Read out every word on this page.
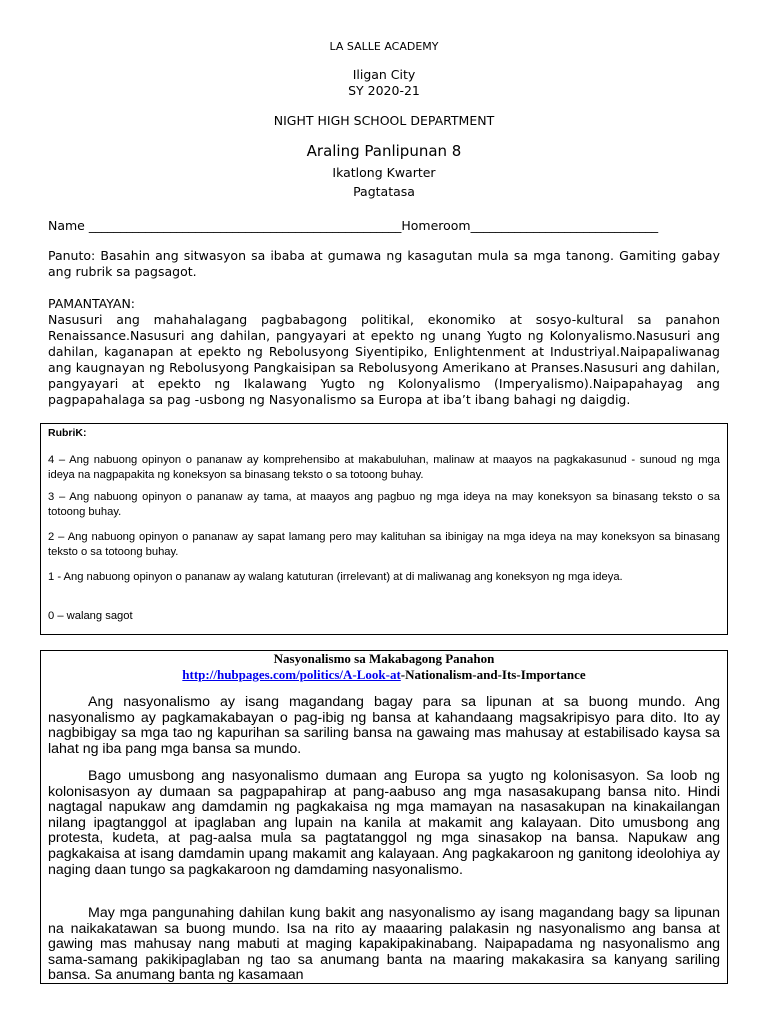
LA SALLE ACADEMY
Iligan City
SY 2020-21
NIGHT HIGH SCHOOL DEPARTMENT
Araling Panlipunan 8
Ikatlong Kwarter
Pagtatasa
Name __________________________________________________Homeroom______________________________
Panuto: Basahin ang sitwasyon sa ibaba at gumawa ng kasagutan mula sa mga tanong. Gamiting gabay ang rubrik sa pagsagot.
PAMANTAYAN:
Nasusuri ang mahahalagang pagbabagong politikal, ekonomiko at sosyo-kultural sa panahon Renaissance.Nasusuri ang dahilan, pangyayari at epekto ng unang Yugto ng Kolonyalismo.Nasusuri ang dahilan, kaganapan at epekto ng Rebolusyong Siyentipiko, Enlightenment at Industriyal.Naipapaliwanag ang kaugnayan ng Rebolusyong Pangkaisipan sa Rebolusyong Amerikano at Pranses.Nasusuri ang dahilan, pangyayari at epekto ng Ikalawang Yugto ng Kolonyalismo (Imperyalismo).Naipapahayag ang pagpapahalaga sa pag -usbong ng Nasyonalismo sa Europa at iba’t ibang bahagi ng daigdig.
RubriK:
4 – Ang nabuong opinyon o pananaw ay komprehensibo at makabuluhan, malinaw at maayos na pagkakasunud - sunoud ng mga ideya na nagpapakita ng koneksyon sa binasang teksto o sa totoong buhay.
3 – Ang nabuong opinyon o pananaw ay tama, at maayos ang pagbuo ng mga ideya na may koneksyon sa binasang teksto o sa totoong buhay.
2 – Ang nabuong opinyon o pananaw ay sapat lamang pero may kalituhan sa ibinigay na mga ideya na may koneksyon sa binasang teksto o sa totoong buhay.
1 - Ang nabuong opinyon o pananaw ay walang katuturan (irrelevant) at di maliwanag ang koneksyon ng mga ideya.
0 – walang sagot
Nasyonalismo sa Makabagong Panahon
http://hubpages.com/politics/A-Look-at-Nationalism-and-Its-Importance
Ang nasyonalismo ay isang magandang bagay para sa lipunan at sa buong mundo. Ang nasyonalismo ay pagkamakabayan o pag-ibig ng bansa at kahandaang magsakripisyo para dito. Ito ay nagbibigay sa mga tao ng kapurihan sa sariling bansa na gawaing mas mahusay at estabilisado kaysa sa lahat ng iba pang mga bansa sa mundo.
Bago umusbong ang nasyonalismo dumaan ang Europa sa yugto ng kolonisasyon. Sa loob ng kolonisasyon ay dumaan sa pagpapahirap at pang-aabuso ang mga nasasakupang bansa nito. Hindi nagtagal napukaw ang damdamin ng pagkakaisa ng mga mamayan na nasasakupan na kinakailangan nilang ipagtanggol at ipaglaban ang lupain na kanila at makamit ang kalayaan. Dito umusbong ang protesta, kudeta, at pag-aalsa mula sa pagtatanggol ng mga sinasakop na bansa. Napukaw ang pagkakaisa at isang damdamin upang makamit ang kalayaan. Ang pagkakaroon ng ganitong ideolohiya ay naging daan tungo sa pagkakaroon ng damdaming nasyonalismo.
May mga pangunahing dahilan kung bakit ang nasyonalismo ay isang magandang bagy sa lipunan na naikakatawan sa buong mundo. Isa na rito ay maaaring palakasin ng nasyonalismo ang bansa at gawing mas mahusay nang mabuti at maging kapakipakinabang. Naipapadama ng nasyonalismo ang sama-samang pakikipaglaban ng tao sa anumang banta na maaring makakasira sa kanyang sariling bansa. Sa anumang banta ng kasamaan
